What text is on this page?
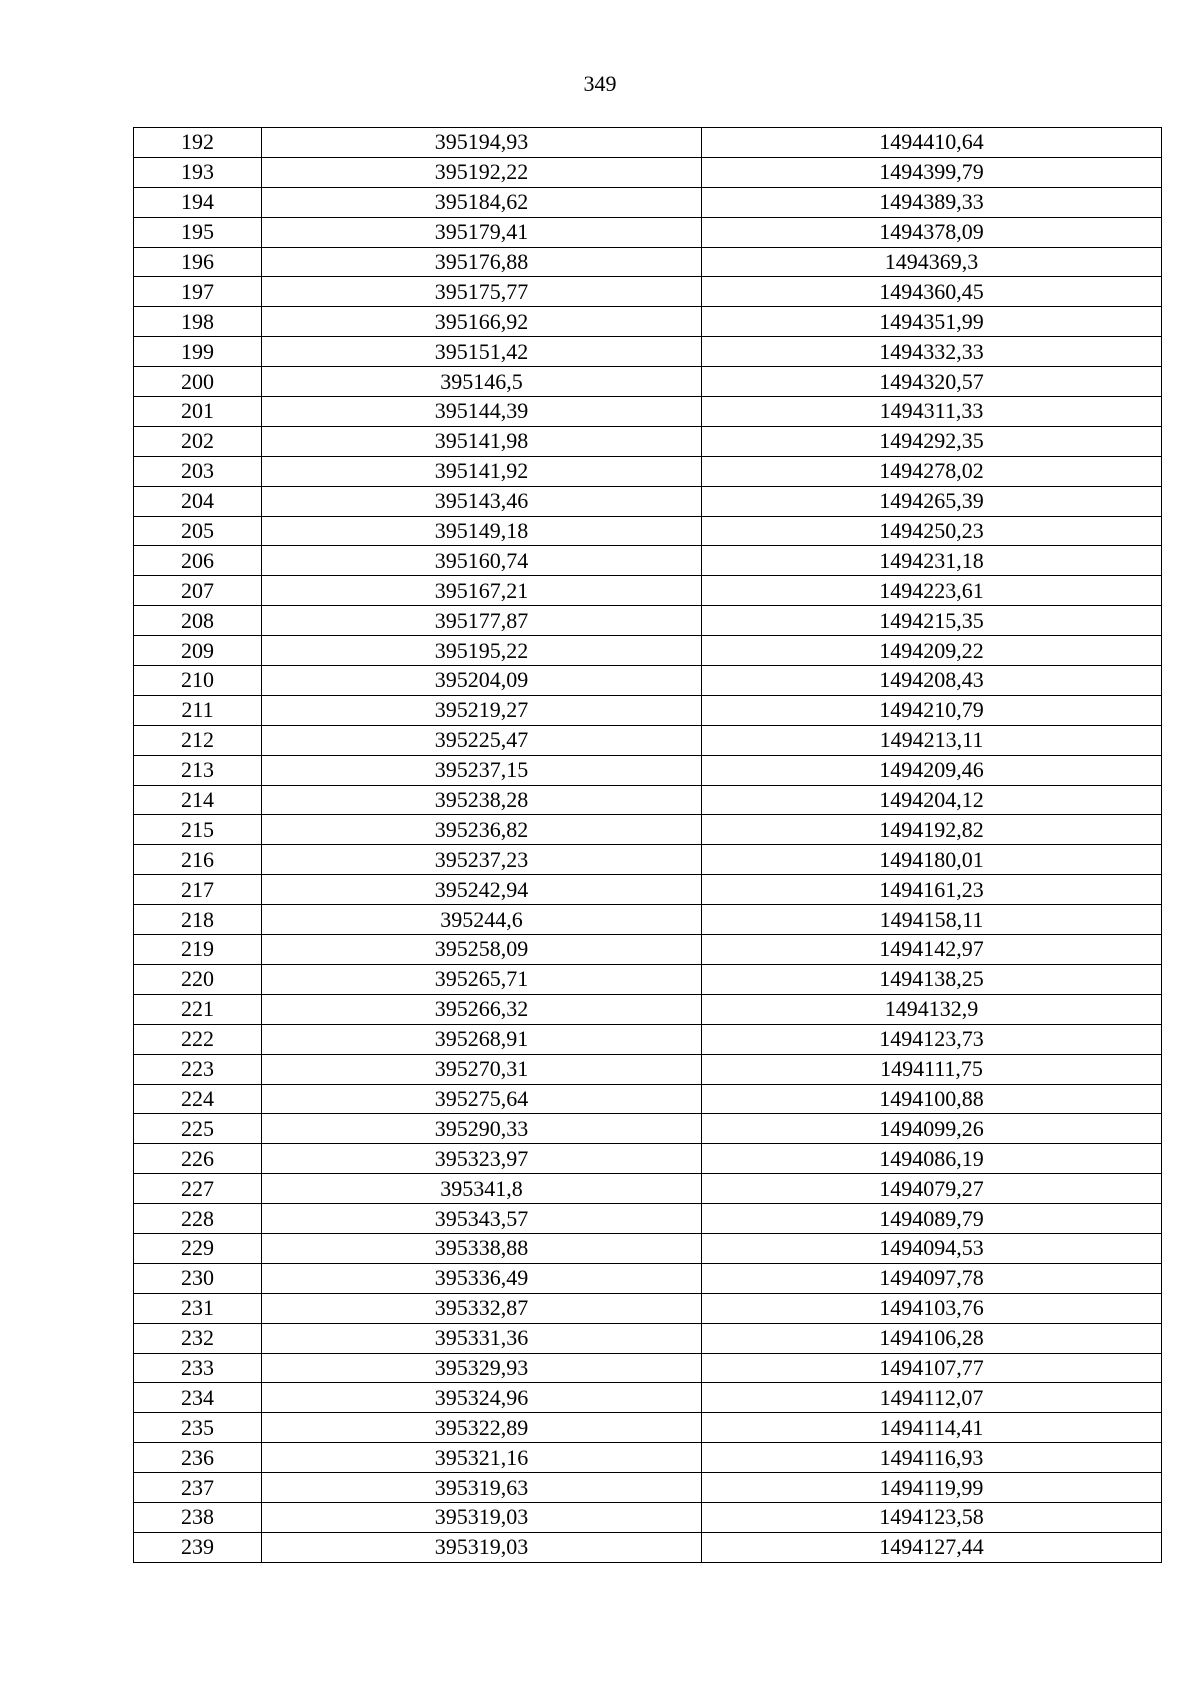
349
192	395194,93	1494410,64
193	395192,22	1494399,79
194	395184,62	1494389,33
195	395179,41	1494378,09
196	395176,88	1494369,3
197	395175,77	1494360,45
198	395166,92	1494351,99
199	395151,42	1494332,33
200	395146,5	1494320,57
201	395144,39	1494311,33
202	395141,98	1494292,35
203	395141,92	1494278,02
204	395143,46	1494265,39
205	395149,18	1494250,23
206	395160,74	1494231,18
207	395167,21	1494223,61
208	395177,87	1494215,35
209	395195,22	1494209,22
210	395204,09	1494208,43
211	395219,27	1494210,79
212	395225,47	1494213,11
213	395237,15	1494209,46
214	395238,28	1494204,12
215	395236,82	1494192,82
216	395237,23	1494180,01
217	395242,94	1494161,23
218	395244,6	1494158,11
219	395258,09	1494142,97
220	395265,71	1494138,25
221	395266,32	1494132,9
222	395268,91	1494123,73
223	395270,31	1494111,75
224	395275,64	1494100,88
225	395290,33	1494099,26
226	395323,97	1494086,19
227	395341,8	1494079,27
228	395343,57	1494089,79
229	395338,88	1494094,53
230	395336,49	1494097,78
231	395332,87	1494103,76
232	395331,36	1494106,28
233	395329,93	1494107,77
234	395324,96	1494112,07
235	395322,89	1494114,41
236	395321,16	1494116,93
237	395319,63	1494119,99
238	395319,03	1494123,58
239	395319,03	1494127,44
